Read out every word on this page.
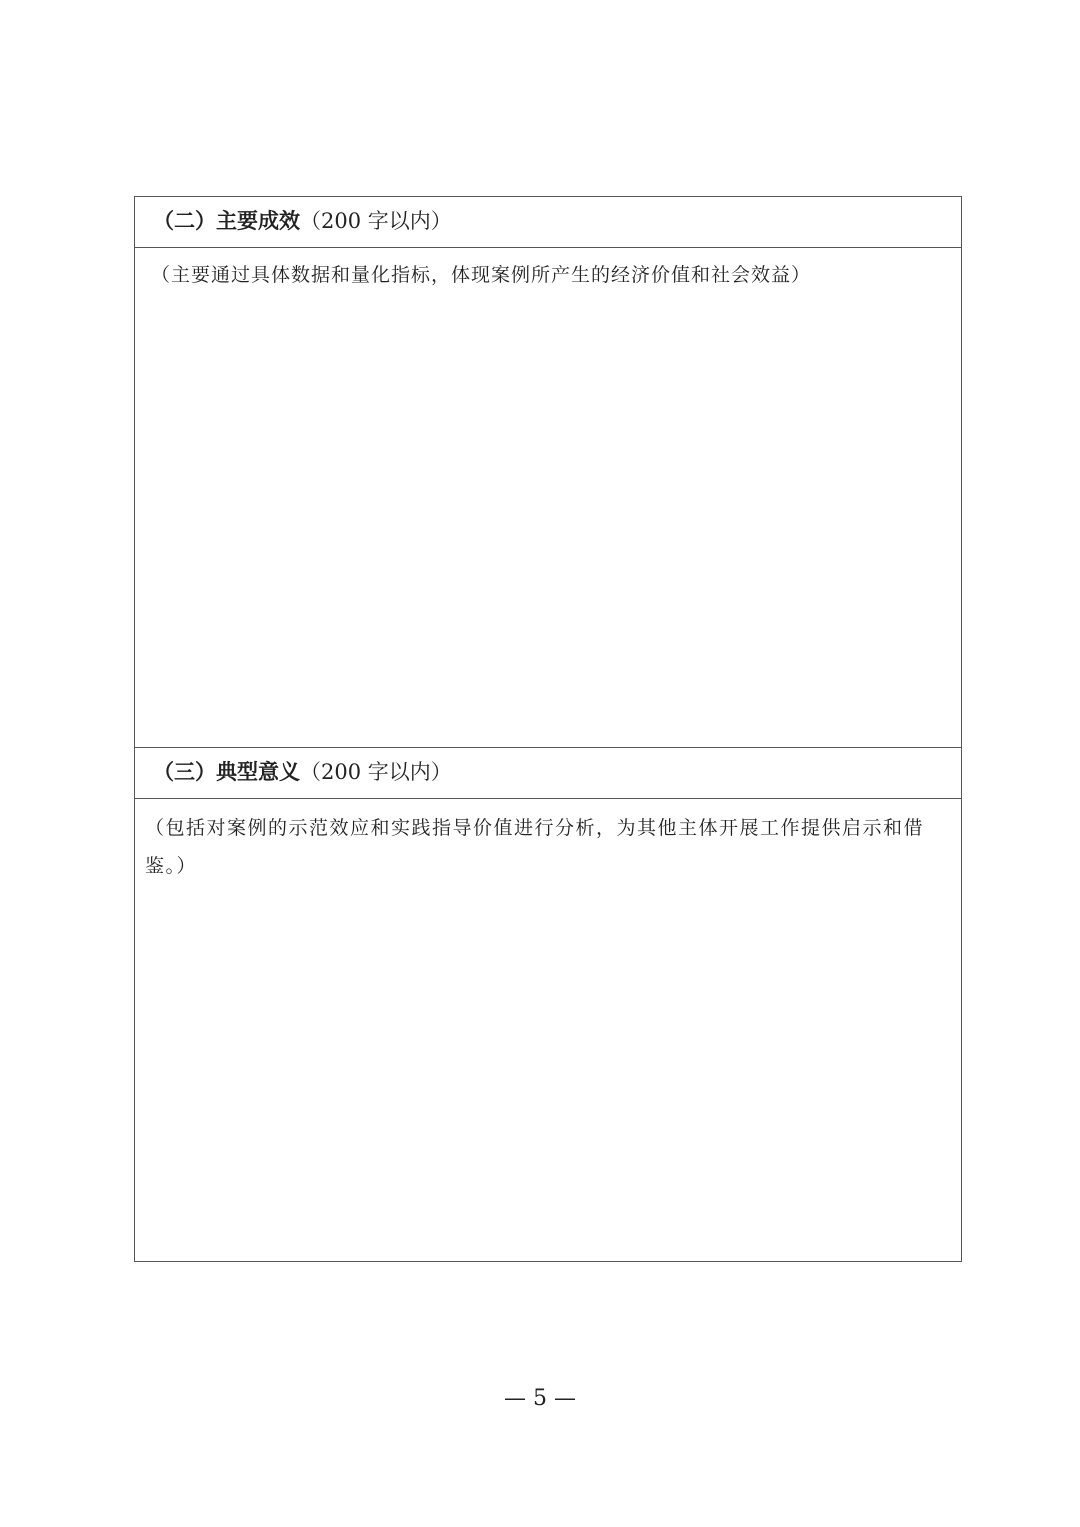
（二）主要成效（200 字以内）
（主要通过具体数据和量化指标，体现案例所产生的经济价值和社会效益）
（三）典型意义（200 字以内）
（包括对案例的示范效应和实践指导价值进行分析，为其他主体开展工作提供启示和借鉴。）
— 5 —
